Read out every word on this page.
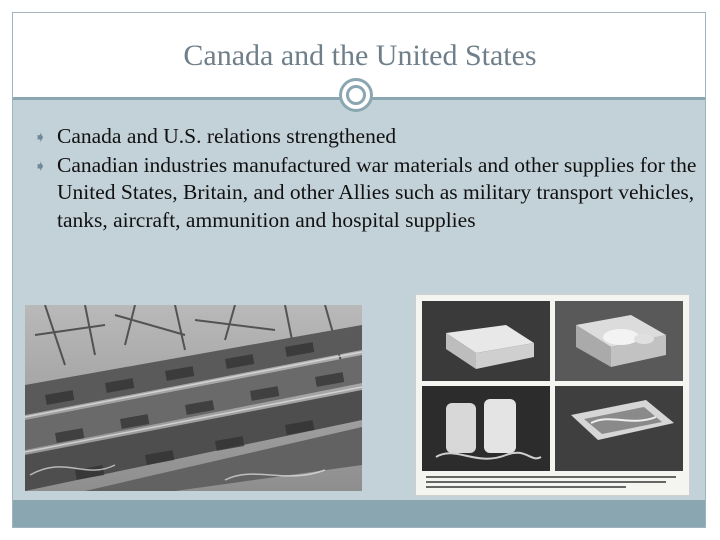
Canada and the United States
➧ Canada and U.S. relations strengthened
➧ Canadian industries manufactured war materials and other supplies for the United States, Britain, and other Allies such as military transport vehicles, tanks, aircraft, ammunition and hospital supplies
